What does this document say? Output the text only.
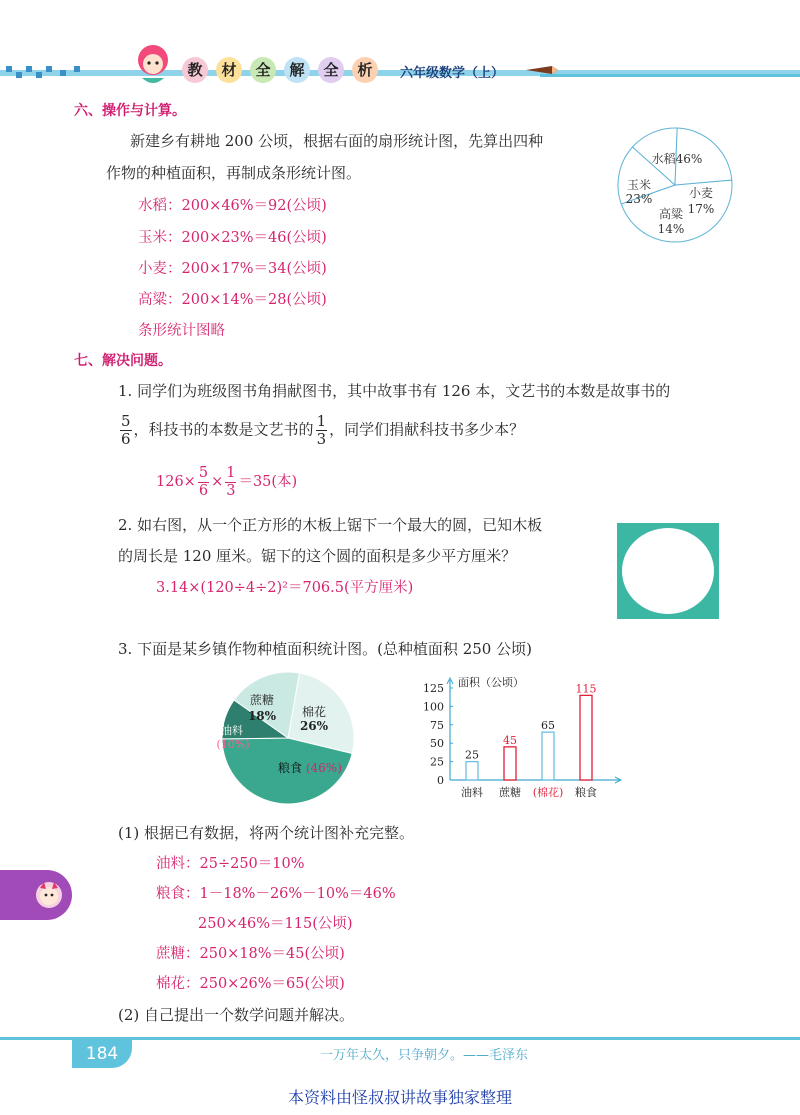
教	材	全	解	全	析	六年级数学（上）
六、操作与计算。
新建乡有耕地 200 公顷，根据右面的扇形统计图，先算出四种
作物的种植面积，再制成条形统计图。
水稻：200×46%＝92(公顷)
玉米：200×23%＝46(公顷)
小麦：200×17%＝34(公顷)
高粱：200×14%＝28(公顷)
条形统计图略
水稻46%
玉米
23%	小麦
17%
高粱
14%
七、解决问题。
1. 同学们为班级图书角捐献图书，其中故事书有 126 本，文艺书的本数是故事书的
$\frac{5}{6}$ ，科技书的本数是文艺书的 $\frac{1}{3}$ ，同学们捐献科技书多少本？
$126\times \frac{5}{6} \times \frac{1}{3} =35$(本)
2. 如右图，从一个正方形的木板上锯下一个最大的圆，已知木板
的周长是 120 厘米。锯下的这个圆的面积是多少平方厘米？
3.14×(120÷4÷2)²＝706.5(平方厘米)
3. 下面是某乡镇作物种植面积统计图。(总种植面积 250 公顷)
蔗糖
18% 棉花
26%
粮食 (46%)
油料
(10%)
面积（公顷）
0
25
50
75
100
125
25
油料
45
蔗糖
65
(棉花)
115
粮食
(1) 根据已有数据，将两个统计图补充完整。
油料：25÷250＝10%
粮食：1－18%－26%－10%＝46%
250×46%＝115(公顷)
蔗糖：250×18%＝45(公顷)
棉花：250×26%＝65(公顷)
(2) 自己提出一个数学问题并解决。
184	一万年太久，只争朝夕。——毛泽东
本资料由怪叔叔讲故事独家整理
